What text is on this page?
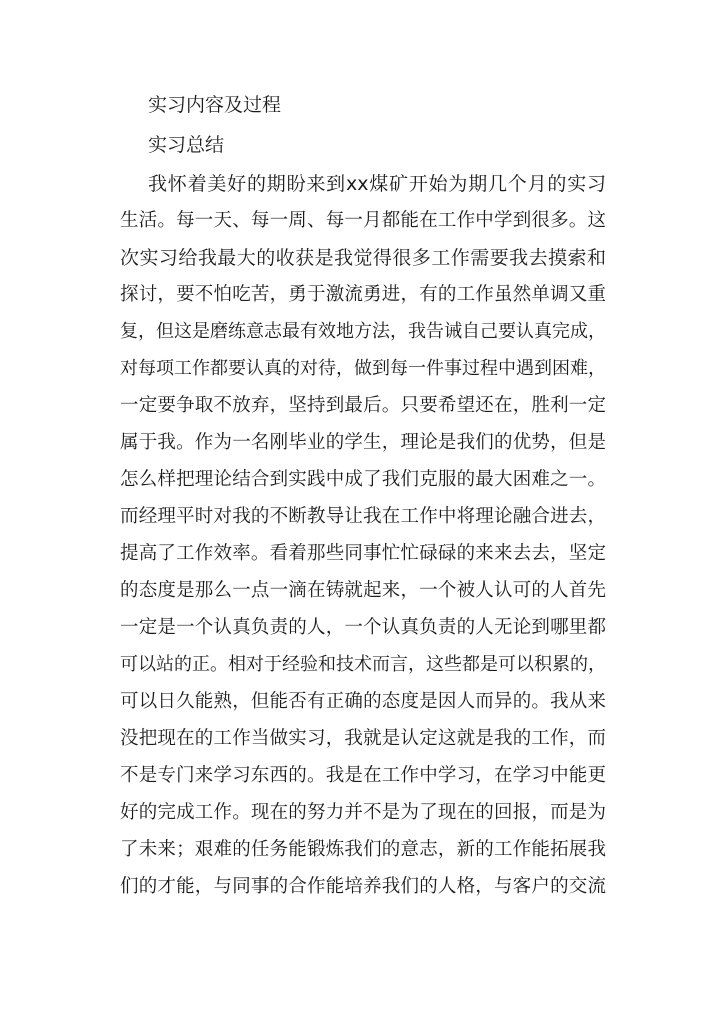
实习内容及过程
实习总结
我怀着美好的期盼来到xx煤矿开始为期几个月的实习
生活。每一天、每一周、每一月都能在工作中学到很多。这
次实习给我最大的收获是我觉得很多工作需要我去摸索和
探讨，要不怕吃苦，勇于激流勇进，有的工作虽然单调又重
复，但这是磨练意志最有效地方法，我告诫自己要认真完成，
对每项工作都要认真的对待，做到每一件事过程中遇到困难，
一定要争取不放弃，坚持到最后。只要希望还在，胜利一定
属于我。作为一名刚毕业的学生，理论是我们的优势，但是
怎么样把理论结合到实践中成了我们克服的最大困难之一。
而经理平时对我的不断教导让我在工作中将理论融合进去，
提高了工作效率。看着那些同事忙忙碌碌的来来去去，坚定
的态度是那么一点一滴在铸就起来，一个被人认可的人首先
一定是一个认真负责的人，一个认真负责的人无论到哪里都
可以站的正。相对于经验和技术而言，这些都是可以积累的，
可以日久能熟，但能否有正确的态度是因人而异的。我从来
没把现在的工作当做实习，我就是认定这就是我的工作，而
不是专门来学习东西的。我是在工作中学习，在学习中能更
好的完成工作。现在的努力并不是为了现在的回报，而是为
了未来；艰难的任务能锻炼我们的意志，新的工作能拓展我
们的才能，与同事的合作能培养我们的人格，与客户的交流
